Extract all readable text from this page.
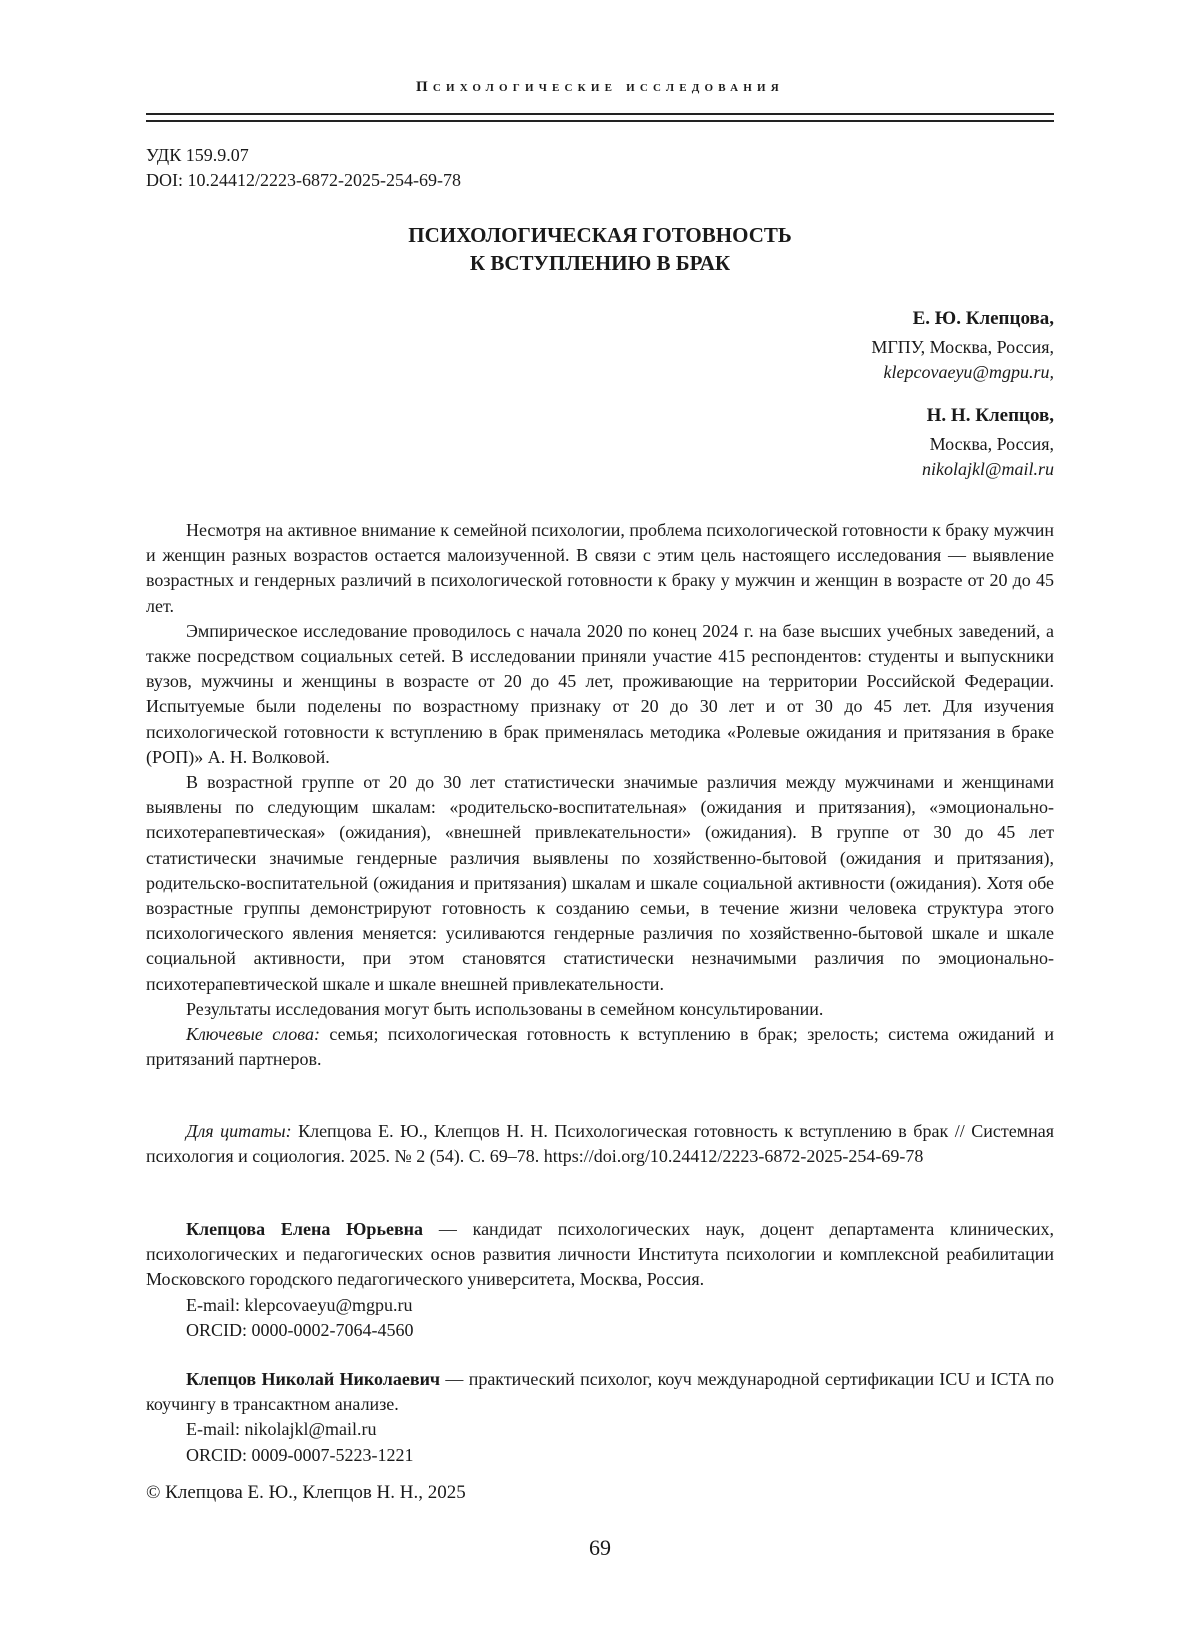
Психологические исследования
УДК 159.9.07
DOI: 10.24412/2223-6872-2025-254-69-78
ПСИХОЛОГИЧЕСКАЯ ГОТОВНОСТЬ
К ВСТУПЛЕНИЮ В БРАК
Е. Ю. Клепцова,
МГПУ, Москва, Россия,
klepcovaeyu@mgpu.ru,
Н. Н. Клепцов,
Москва, Россия,
nikolajkl@mail.ru

Несмотря на активное внимание к семейной психологии, проблема психологической готовности к браку мужчин и женщин разных возрастов остается малоизученной. В связи с этим цель настоящего исследования — выявление возрастных и гендерных различий в психологической готовности к браку у мужчин и женщин в возрасте от 20 до 45 лет.

Эмпирическое исследование проводилось с начала 2020 по конец 2024 г. на базе высших учебных заведений, а также посредством социальных сетей. В исследовании приняли участие 415 респондентов: студенты и выпускники вузов, мужчины и женщины в возрасте от 20 до 45 лет, проживающие на территории Российской Федерации. Испытуемые были поделены по возрастному признаку от 20 до 30 лет и от 30 до 45 лет. Для изучения психологической готовности к вступлению в брак применялась методика «Ролевые ожидания и притязания в браке (РОП)» А. Н. Волковой.

В возрастной группе от 20 до 30 лет статистически значимые различия между мужчинами и женщинами выявлены по следующим шкалам: «родительско-воспитательная» (ожидания и притязания), «эмоционально-психотерапевтическая» (ожидания), «внешней привлекательности» (ожидания). В группе от 30 до 45 лет статистически значимые гендерные различия выявлены по хозяйственно-бытовой (ожидания и притязания), родительско-воспитательной (ожидания и притязания) шкалам и шкале социальной активности (ожидания). Хотя обе возрастные группы демонстрируют готовность к созданию семьи, в течение жизни человека структура этого психологического явления меняется: усиливаются гендерные различия по хозяйственно-бытовой шкале и шкале социальной активности, при этом становятся статистически незначимыми различия по эмоционально-психотерапевтической шкале и шкале внешней привлекательности.

Результаты исследования могут быть использованы в семейном консультировании.

Ключевые слова: семья; психологическая готовность к вступлению в брак; зрелость; система ожиданий и притязаний партнеров.

Для цитаты: Клепцова Е. Ю., Клепцов Н. Н. Психологическая готовность к вступлению в брак // Системная психология и социология. 2025. № 2 (54). С. 69–78. https://doi.org/10.24412/2223-6872-2025-254-69-78

Клепцова Елена Юрьевна — кандидат психологических наук, доцент департамента клинических, психологических и педагогических основ развития личности Института психологии и комплексной реабилитации Московского городского педагогического университета, Москва, Россия.

E-mail: klepcovaeyu@mgpu.ru

ORCID: 0000-0002-7064-4560

Клепцов Николай Николаевич — практический психолог, коуч международной сертификации ICU и ICTA по коучингу в трансактном анализе.

E-mail: nikolajkl@mail.ru

ORCID: 0009-0007-5223-1221

© Клепцова Е. Ю., Клепцов Н. Н., 2025
69
